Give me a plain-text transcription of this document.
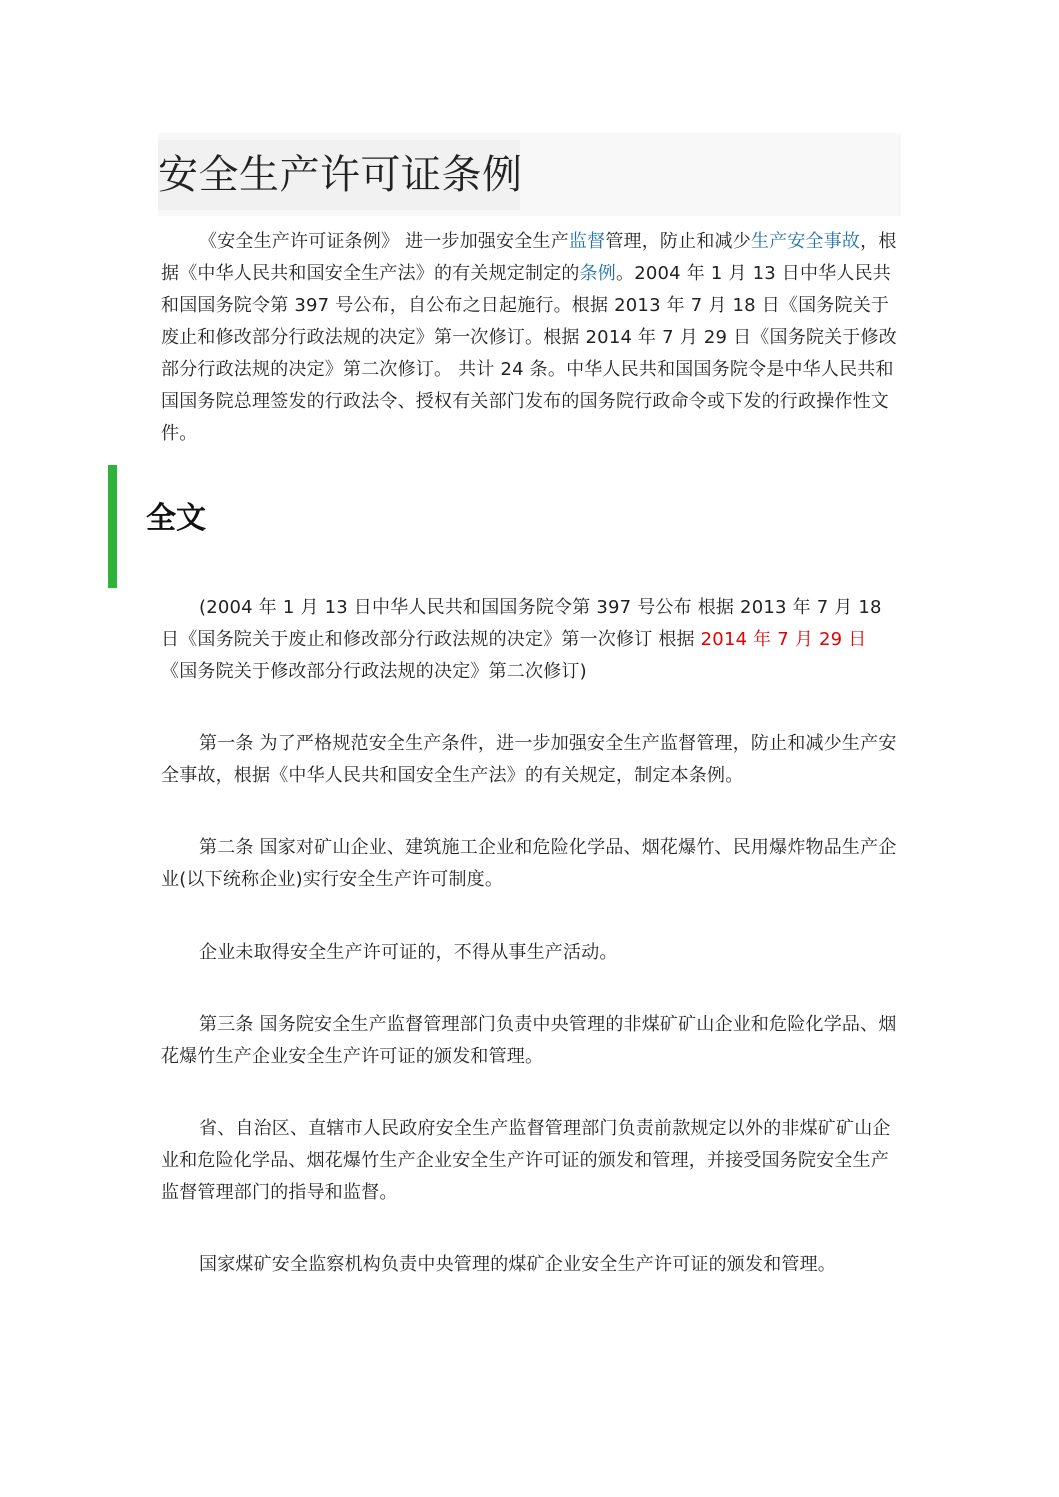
安全生产许可证条例

《安全生产许可证条例》 进一步加强安全生产监督管理，防止和减少生产安全事故，根据《中华人民共和国安全生产法》的有关规定制定的条例。2004 年 1 月 13 日中华人民共和国国务院令第 397 号公布，自公布之日起施行。根据 2013 年 7 月 18 日《国务院关于废止和修改部分行政法规的决定》第一次修订。根据 2014 年 7 月 29 日《国务院关于修改部分行政法规的决定》第二次修订。 共计 24 条。中华人民共和国国务院令是中华人民共和国国务院总理签发的行政法令、授权有关部门发布的国务院行政命令或下发的行政操作性文件。

全文

(2004 年 1 月 13 日中华人民共和国国务院令第 397 号公布 根据 2013 年 7 月 18 日《国务院关于废止和修改部分行政法规的决定》第一次修订 根据 2014 年 7 月 29 日《国务院关于修改部分行政法规的决定》第二次修订)

第一条 为了严格规范安全生产条件，进一步加强安全生产监督管理，防止和减少生产安全事故，根据《中华人民共和国安全生产法》的有关规定，制定本条例。

第二条 国家对矿山企业、建筑施工企业和危险化学品、烟花爆竹、民用爆炸物品生产企业(以下统称企业)实行安全生产许可制度。

企业未取得安全生产许可证的，不得从事生产活动。

第三条 国务院安全生产监督管理部门负责中央管理的非煤矿矿山企业和危险化学品、烟花爆竹生产企业安全生产许可证的颁发和管理。

省、自治区、直辖市人民政府安全生产监督管理部门负责前款规定以外的非煤矿矿山企业和危险化学品、烟花爆竹生产企业安全生产许可证的颁发和管理，并接受国务院安全生产监督管理部门的指导和监督。

国家煤矿安全监察机构负责中央管理的煤矿企业安全生产许可证的颁发和管理。
